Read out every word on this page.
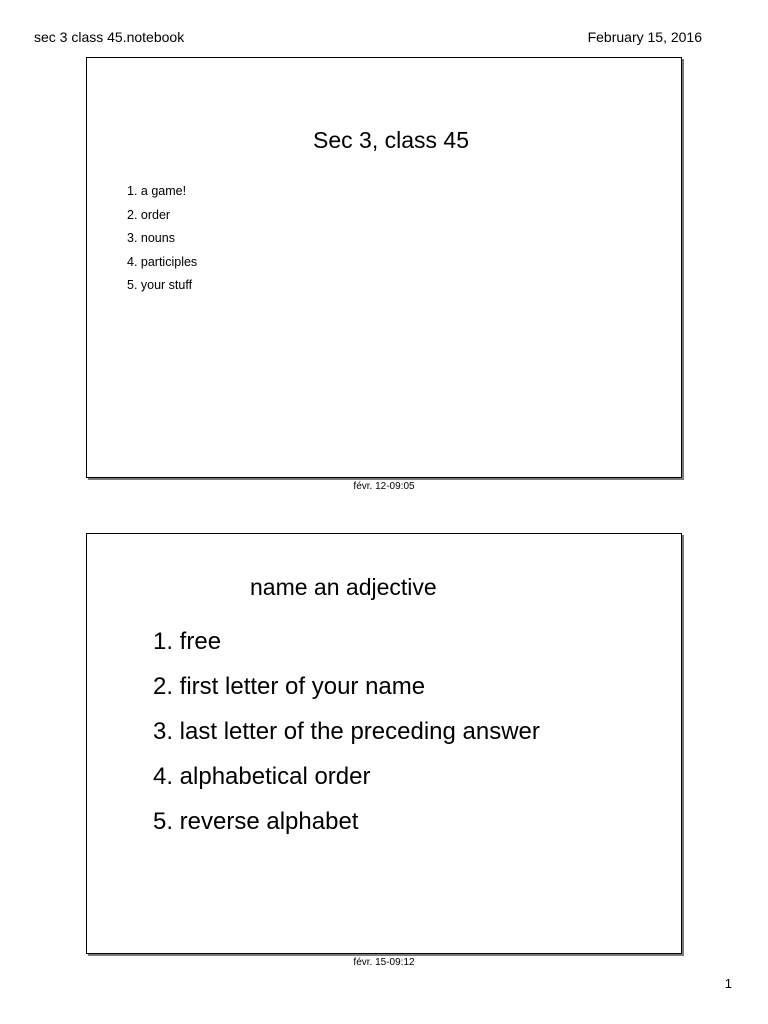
sec 3 class 45.notebook	February 15, 2016
Sec 3, class 45
1. a game!
2. order
3. nouns
4. participles
5. your stuff
févr. 12-09:05
name an adjective
1. free
2. first letter of your name
3. last letter of the preceding answer
4. alphabetical order
5. reverse alphabet
févr. 15-09:12
1
